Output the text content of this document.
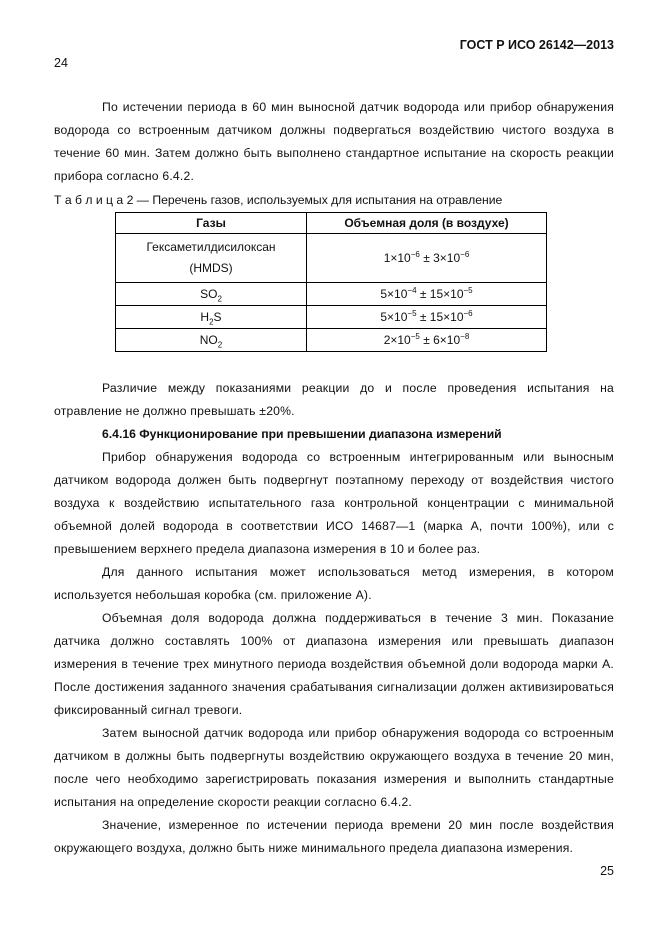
ГОСТ Р ИСО 26142—2013
24

По истечении периода в 60 мин выносной датчик водорода или прибор обнаружения водорода со встроенным датчиком должны подвергаться воздействию чистого воздуха в течение 60 мин. Затем должно быть выполнено стандартное испытание на скорость реакции прибора согласно 6.4.2.

Т а б л и ц а 2 — Перечень газов, используемых для испытания на отравление
Газы	Объемная доля (в воздухе)

Гексаметилдисилоксан
(HMDS)	$1\times 10^{-6} \pm 3\times 10^{-6}$
$SO_2$	$5\times 10^{-4} \pm 15\times 10^{-5}$
$H_2S$	$5\times 10^{-5} \pm 15\times 10^{-6}$
$NO_2$	$2\times 10^{-5} \pm 6\times 10^{-8}$

Различие между показаниями реакции до и после проведения испытания на отравление не должно превышать ±20%.

6.4.16 Функционирование при превышении диапазона измерений

Прибор обнаружения водорода со встроенным интегрированным или выносным датчиком водорода должен быть подвергнут поэтапному переходу от воздействия чистого воздуха к воздействию испытательного газа контрольной концентрации с минимальной объемной долей водорода в соответствии ИСО 14687—1 (марка А, почти 100%), или с превышением верхнего предела диапазона измерения в 10 и более раз.

Для данного испытания может использоваться метод измерения, в котором используется небольшая коробка (см. приложение А).

Объемная доля водорода должна поддерживаться в течение 3 мин. Показание датчика должно составлять 100% от диапазона измерения или превышать диапазон измерения в течение трех минутного периода воздействия объемной доли водорода марки А. После достижения заданного значения срабатывания сигнализации должен активизироваться фиксированный сигнал тревоги.

Затем выносной датчик водорода или прибор обнаружения водорода со встроенным датчиком в должны быть подвергнуты воздействию окружающего воздуха в течение 20 мин, после чего необходимо зарегистрировать показания измерения и выполнить стандартные испытания на определение скорости реакции согласно 6.4.2.

Значение, измеренное по истечении периода времени 20 мин после воздействия окружающего воздуха, должно быть ниже минимального предела диапазона измерения.

25
